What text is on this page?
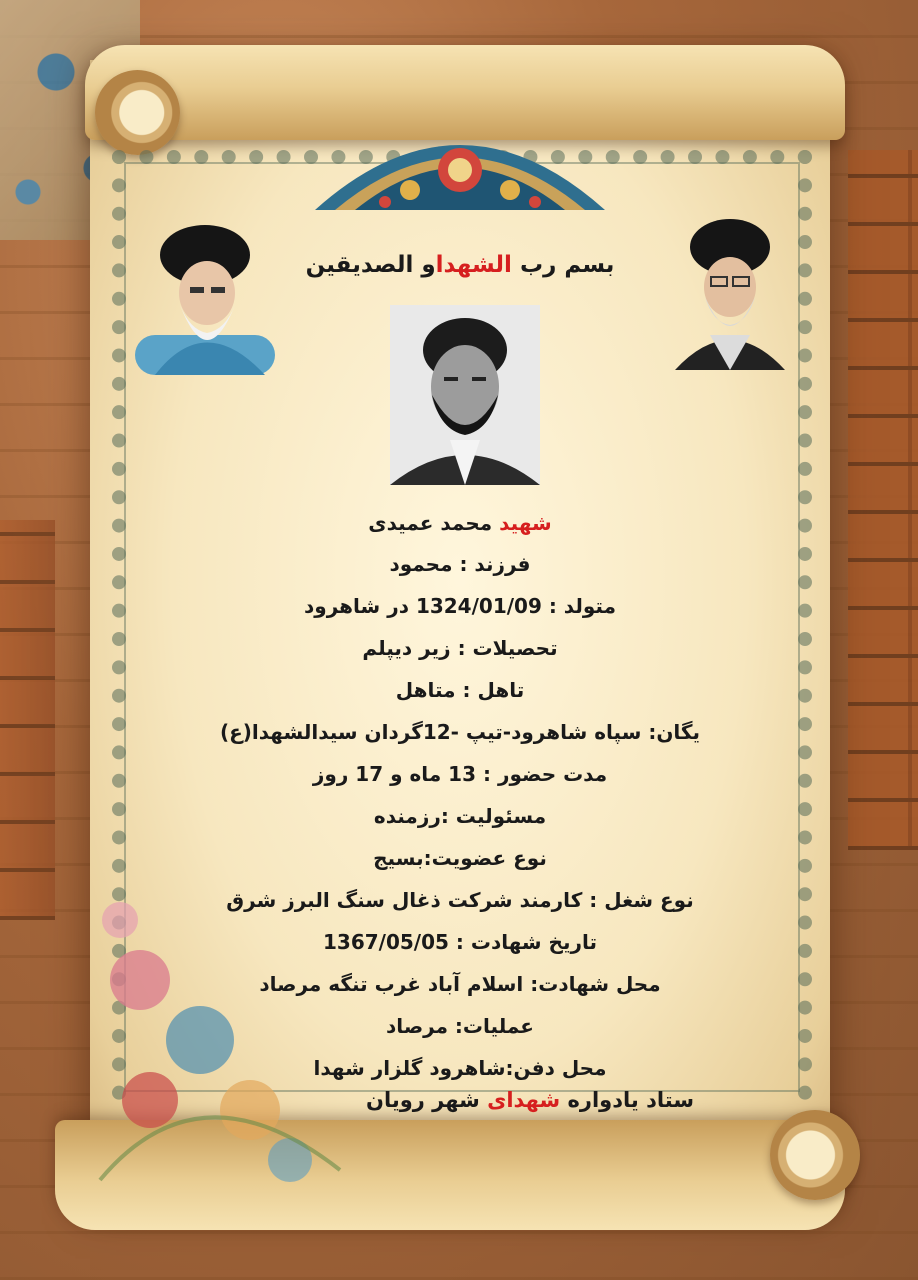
بسم رب الشهداو الصدیقین
شهید محمد عمیدی
فرزند : محمود
متولد : 1324/01/09 در شاهرود
تحصیلات : زیر دیپلم
تاهل : متاهل
یگان: سپاه شاهرود-تیپ -12گردان سیدالشهدا(ع)
مدت حضور : 13 ماه و 17 روز
مسئولیت :رزمنده
نوع عضویت:بسیج
نوع شغل : کارمند شرکت ذغال سنگ البرز شرق
تاریخ شهادت : 1367/05/05
محل شهادت: اسلام آباد غرب تنگه مرصاد
عملیات: مرصاد
محل دفن:شاهرود گلزار شهدا
ستاد یادواره شهدای شهر رویان
